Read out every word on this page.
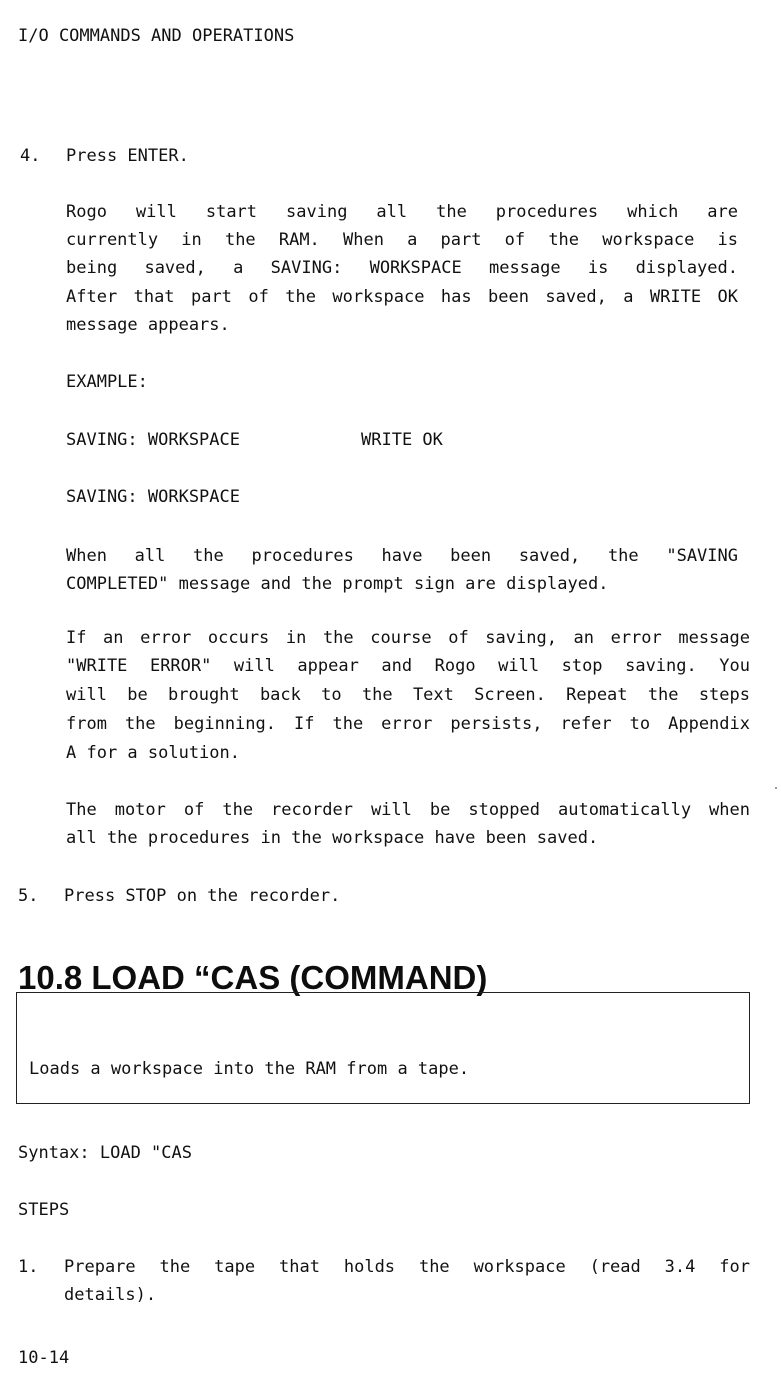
I/O COMMANDS AND OPERATIONS
4. Press ENTER.
Rogo will start saving all the procedures which are
currently in the RAM. When a part of the workspace is
being saved, a SAVING: WORKSPACE message is displayed.
After that part of the workspace has been saved, a WRITE OK
message appears.
EXAMPLE:
SAVING: WORKSPACE	WRITE OK
SAVING: WORKSPACE
When all the procedures have been saved, the "SAVING
COMPLETED" message and the prompt sign are displayed.
If an error occurs in the course of saving, an error message
"WRITE ERROR" will appear and Rogo will stop saving. You
will be brought back to the Text Screen. Repeat the steps
from the beginning. If the error persists, refer to Appendix
A for a solution.
The motor of the recorder will be stopped automatically when
all the procedures in the workspace have been saved.
5. Press STOP on the recorder.
10.8 LOAD “CAS (COMMAND)
Loads a workspace into the RAM from a tape.
Syntax: LOAD "CAS
STEPS
1. Prepare the tape that holds the workspace (read 3.4 for
details).
10-14
